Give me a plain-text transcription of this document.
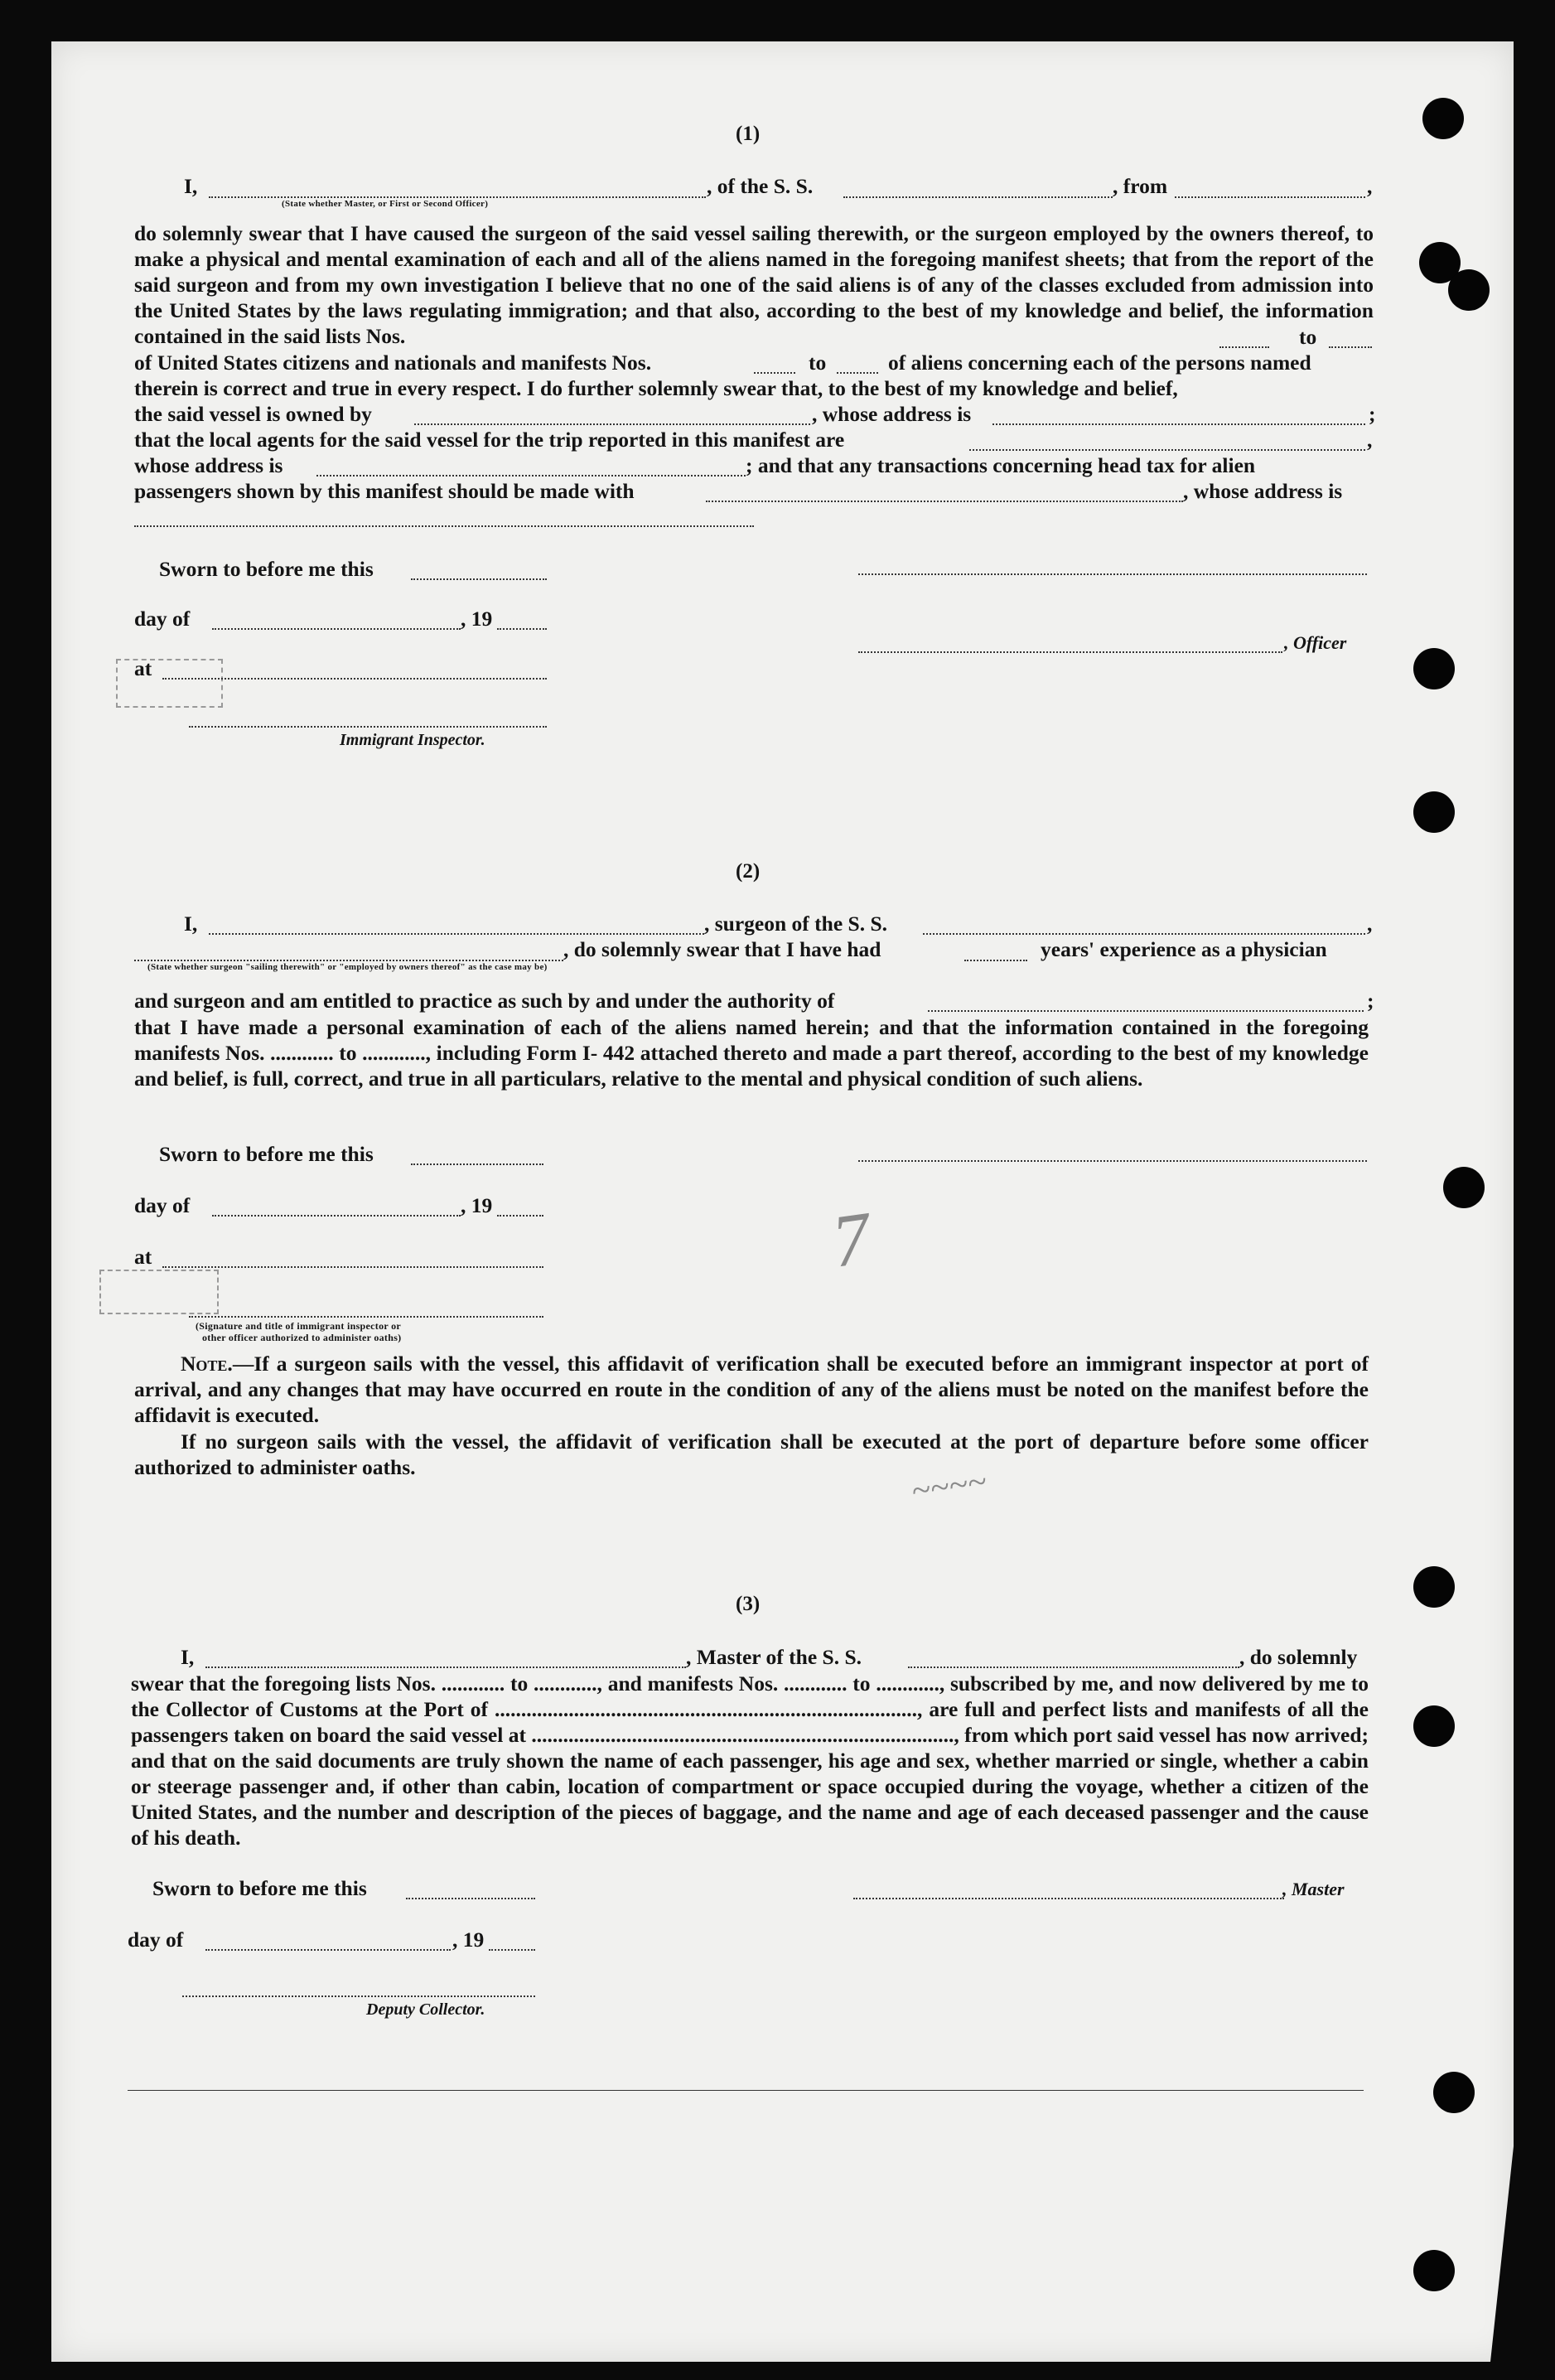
7
~~~~
(1)
I,
(State whether Master, or First or Second Officer)
, of the S. S.	, from	,

do solemnly swear that I have caused the surgeon of the said vessel sailing therewith, or the surgeon employed by the owners thereof, to make a physical and mental examination of each and all of the aliens named in the foregoing manifest sheets; that from the report of the said surgeon and from my own investigation I believe that no one of the said aliens is of any of the classes excluded from admission into the United States by the laws regulating immigration; and that also, according to the best of my knowledge and belief, the information contained in the said lists Nos.	to
of United States citizens and nationals and manifests Nos.	to	of aliens concerning each of the persons named
therein is correct and true in every respect. I do further solemnly swear that, to the best of my knowledge and belief,
the said vessel is owned by	, whose address is	;
that the local agents for the said vessel for the trip reported in this manifest are	,
whose address is	; and that any transactions concerning head tax for alien
passengers shown by this manifest should be made with	, whose address is
Sworn to before me this
day of	, 19
, Officer
at
Immigrant Inspector.
(2)
I,	, surgeon of the S. S.	,
, do solemnly swear that I have had	years' experience as a physician
(State whether surgeon "sailing therewith" or "employed by owners thereof" as the case may be)
and surgeon and am entitled to practice as such by and under the authority of	;

that I have made a personal examination of each of the aliens named herein; and that the information contained in the foregoing manifests Nos. ............ to ............, including Form I- 442 attached thereto and made a part thereof, according to the best of my knowledge and belief, is full, correct, and true in all particulars, relative to the mental and physical condition of such aliens.

Sworn to before me this
day of	, 19
at
(Signature and title of immigrant inspector or
other officer authorized to administer oaths)

Note.—If a surgeon sails with the vessel, this affidavit of verification shall be executed before an immigrant inspector at port of arrival, and any changes that may have occurred en route in the condition of any of the aliens must be noted on the manifest before the affidavit is executed.

If no surgeon sails with the vessel, the affidavit of verification shall be executed at the port of departure before some officer authorized to administer oaths.

(3)
I,	, Master of the S. S.	, do solemnly

swear that the foregoing lists Nos. ............ to ............, and manifests Nos. ............ to ............, subscribed by me, and now delivered by me to the Collector of Customs at the Port of ................................................................................, are full and perfect lists and manifests of all the passengers taken on board the said vessel at ................................................................................, from which port said vessel has now arrived; and that on the said documents are truly shown the name of each passenger, his age and sex, whether married or single, whether a cabin or steerage passenger and, if other than cabin, location of compartment or space occupied during the voyage, whether a citizen of the United States, and the number and description of the pieces of baggage, and the name and age of each deceased passenger and the cause of his death.

Sworn to before me this	, Master
day of	, 19
Deputy Collector.
